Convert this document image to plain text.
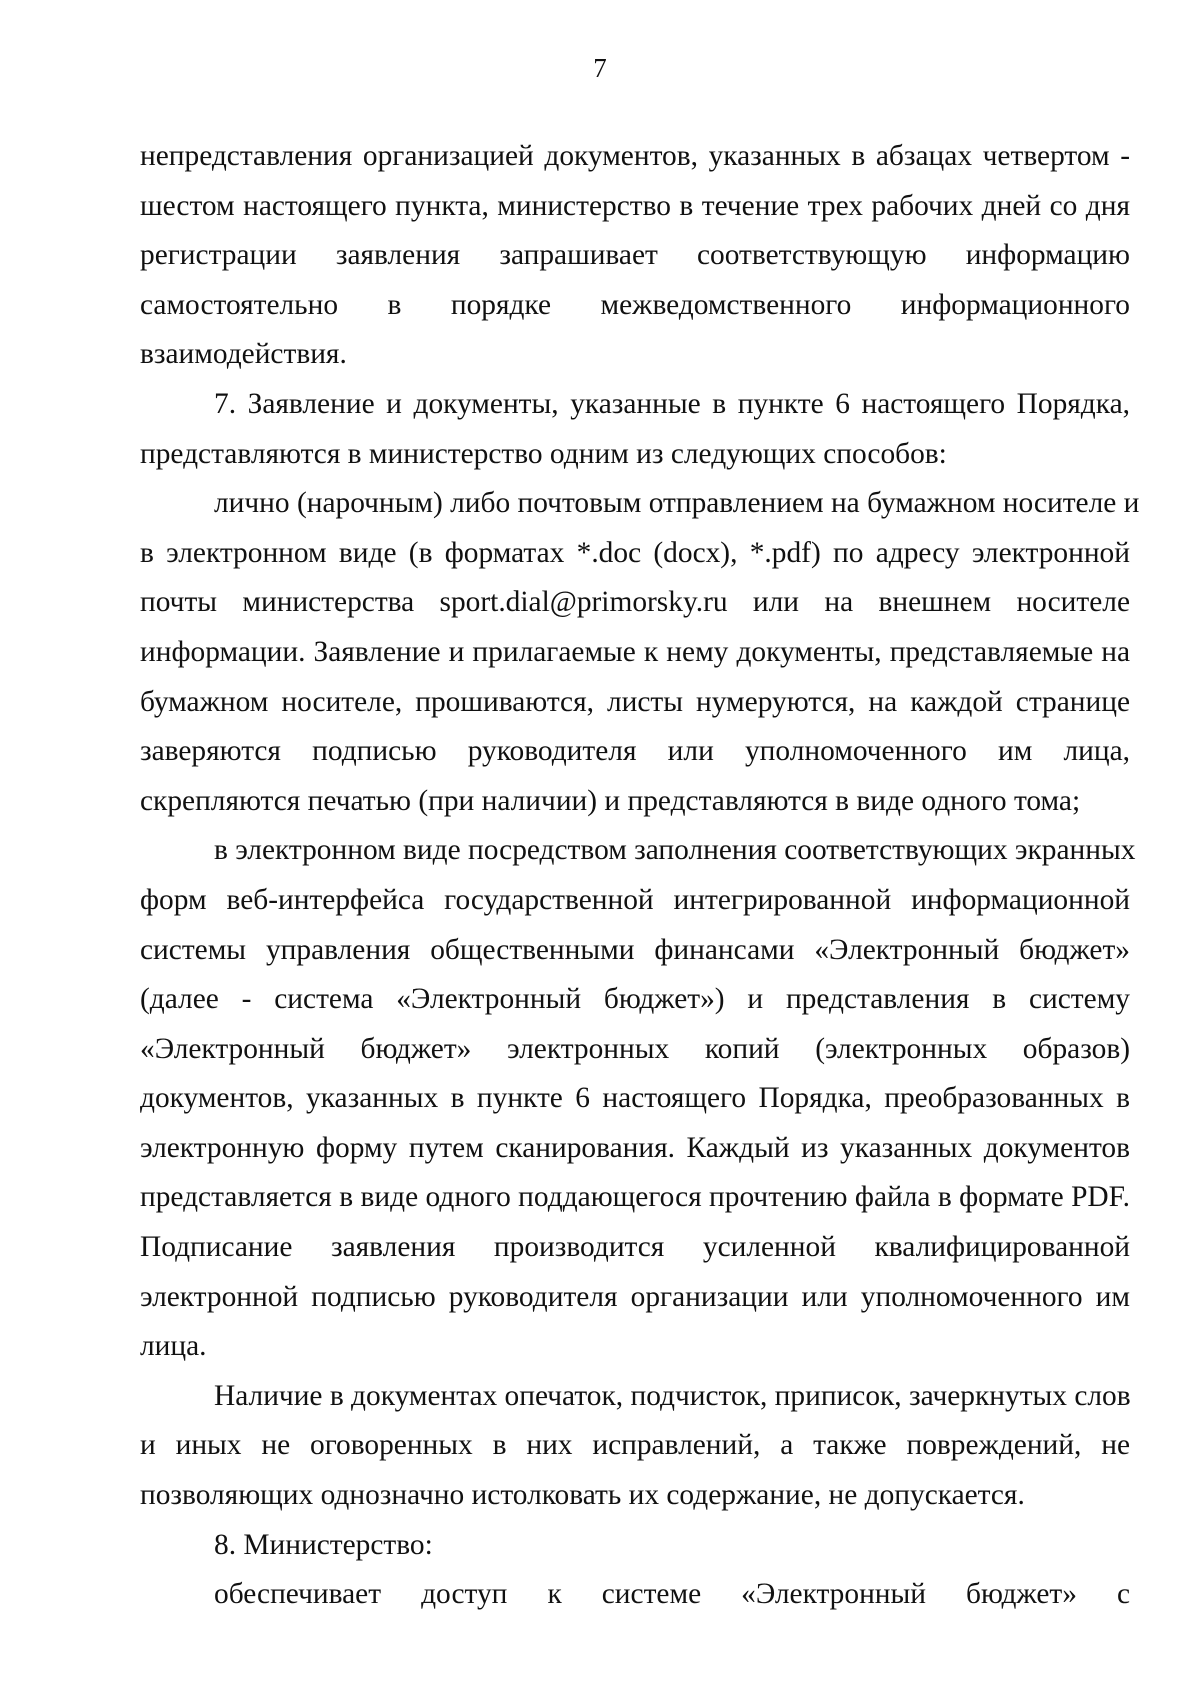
7
непредставления организацией документов, указанных в абзацах четвертом -
шестом настоящего пункта, министерство в течение трех рабочих дней со дня
регистрации заявления запрашивает соответствующую информацию
самостоятельно в порядке межведомственного информационного
взаимодействия.
7. Заявление и документы, указанные в пункте 6 настоящего Порядка,
представляются в министерство одним из следующих способов:
лично (нарочным) либо почтовым отправлением на бумажном носителе и
в электронном виде (в форматах *.doc (docx), *.pdf) по адресу электронной
почты министерства sport.dial@primorsky.ru или на внешнем носителе
информации. Заявление и прилагаемые к нему документы, представляемые на
бумажном носителе, прошиваются, листы нумеруются, на каждой странице
заверяются подписью руководителя или уполномоченного им лица,
скрепляются печатью (при наличии) и представляются в виде одного тома;
в электронном виде посредством заполнения соответствующих экранных
форм веб-интерфейса государственной интегрированной информационной
системы управления общественными финансами «Электронный бюджет»
(далее - система «Электронный бюджет») и представления в систему
«Электронный бюджет» электронных копий (электронных образов)
документов, указанных в пункте 6 настоящего Порядка, преобразованных в
электронную форму путем сканирования. Каждый из указанных документов
представляется в виде одного поддающегося прочтению файла в формате PDF.
Подписание заявления производится усиленной квалифицированной
электронной подписью руководителя организации или уполномоченного им
лица.
Наличие в документах опечаток, подчисток, приписок, зачеркнутых слов
и иных не оговоренных в них исправлений, а также повреждений, не
позволяющих однозначно истолковать их содержание, не допускается.
8. Министерство:
обеспечивает доступ к системе «Электронный бюджет» с
